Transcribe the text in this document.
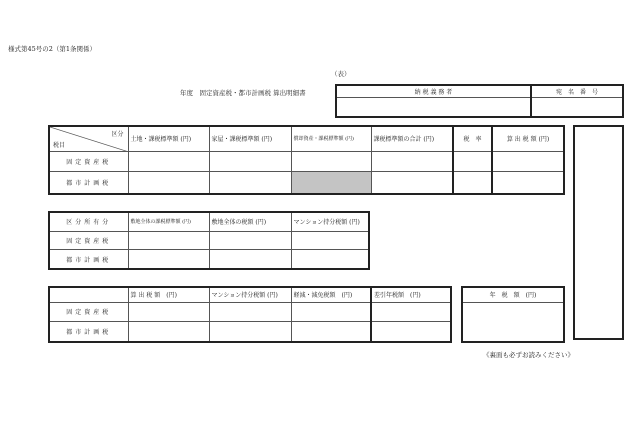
様式第45号の2（第1条関係）
（表）
年度　固定資産税・都市計画税 算出明細書	納 税 義 務 者	宛　名　番　号

区分
税目	土地・課税標準額 (円)	家屋・課税標準額 (円)	償却資産・課税標準額 (円)	課税標準額の合計 (円)	税　率	算 出 税 額 (円)
固定資産税						
都市計画税						
区分所有分	敷地全体の課税標準額 (円)	敷地全体の税額 (円)	マンション持分税額 (円)
固定資産税			
都市計画税			
	算 出 税 額　(円)	マンション持分税額 (円)	軽減・減免税額　(円)	差引年税額　(円)
固定資産税				
都市計画税				
年　税　額　(円)

《裏面も必ずお読みください》
